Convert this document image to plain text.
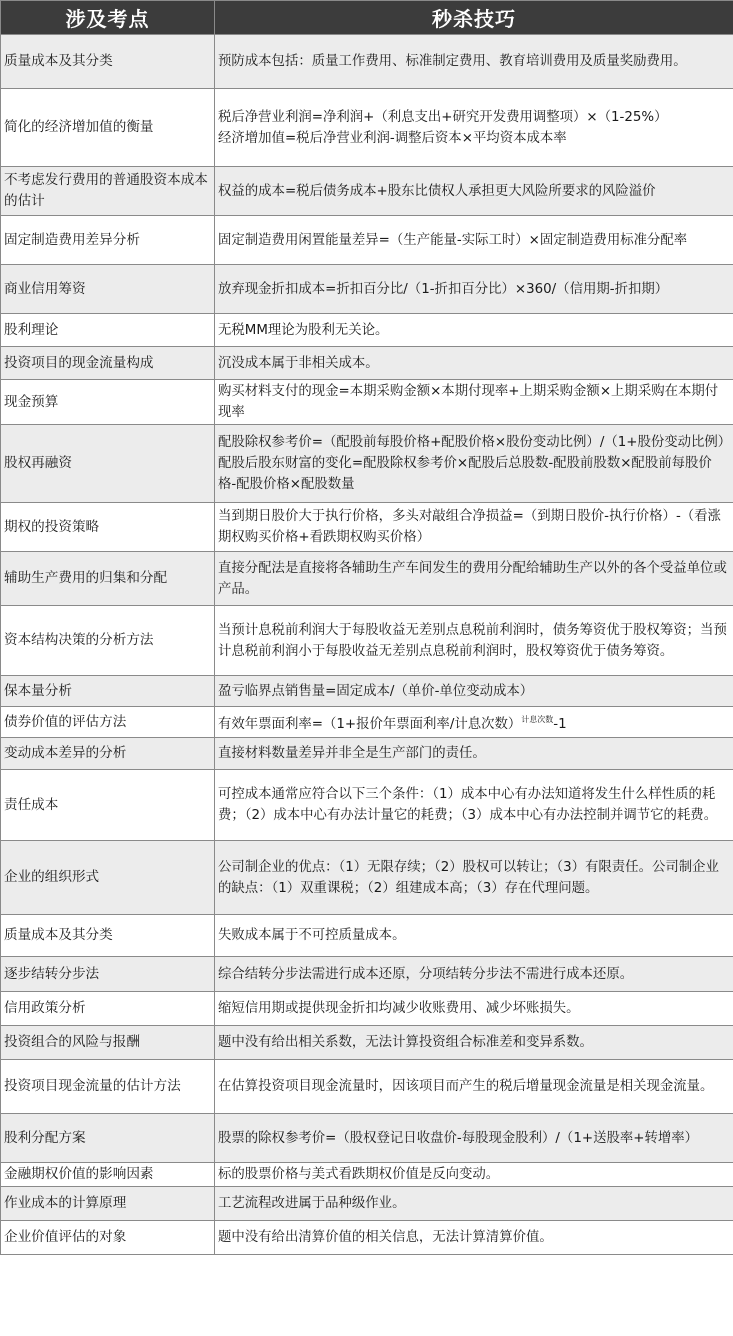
涉及考点	秒杀技巧
质量成本及其分类	预防成本包括：质量工作费用、标准制定费用、教育培训费用及质量奖励费用。

简化的经济增加值的衡量	税后净营业利润=净利润+（利息支出+研究开发费用调整项）×（1-25%）
经济增加值=税后净营业利润-调整后资本×平均资本成本率

不考虑发行费用的普通股资本成本的估计	权益的成本=税后债务成本+股东比债权人承担更大风险所要求的风险溢价

固定制造费用差异分析	固定制造费用闲置能量差异=（生产能量-实际工时）×固定制造费用标准分配率

商业信用筹资	放弃现金折扣成本=折扣百分比/（1-折扣百分比）×360/（信用期-折扣期）

股利理论	无税MM理论为股利无关论。

投资项目的现金流量构成	沉没成本属于非相关成本。

现金预算	购买材料支付的现金=本期采购金额×本期付现率+上期采购金额×上期采购在本期付现率

股权再融资	配股除权参考价=（配股前每股价格+配股价格×股份变动比例）/（1+股份变动比例）
配股后股东财富的变化=配股除权参考价×配股后总股数-配股前股数×配股前每股价格-配股价格×配股数量

期权的投资策略	当到期日股价大于执行价格，多头对敲组合净损益=（到期日股价-执行价格）-（看涨期权购买价格+看跌期权购买价格）

辅助生产费用的归集和分配	直接分配法是直接将各辅助生产车间发生的费用分配给辅助生产以外的各个受益单位或产品。

资本结构决策的分析方法	当预计息税前利润大于每股收益无差别点息税前利润时，债务筹资优于股权筹资；当预计息税前利润小于每股收益无差别点息税前利润时，股权筹资优于债务筹资。

保本量分析	盈亏临界点销售量=固定成本/（单价-单位变动成本）

债券价值的评估方法	有效年票面利率=（1+报价年票面利率/计息次数）$^{计息次数}$-1

变动成本差异的分析	直接材料数量差异并非全是生产部门的责任。

责任成本	可控成本通常应符合以下三个条件：（1）成本中心有办法知道将发生什么样性质的耗费；（2）成本中心有办法计量它的耗费；（3）成本中心有办法控制并调节它的耗费。

企业的组织形式	公司制企业的优点：（1）无限存续；（2）股权可以转让；（3）有限责任。公司制企业的缺点：（1）双重课税；（2）组建成本高；（3）存在代理问题。

质量成本及其分类	失败成本属于不可控质量成本。

逐步结转分步法	综合结转分步法需进行成本还原，分项结转分步法不需进行成本还原。

信用政策分析	缩短信用期或提供现金折扣均减少收账费用、减少坏账损失。

投资组合的风险与报酬	题中没有给出相关系数，无法计算投资组合标准差和变异系数。

投资项目现金流量的估计方法	在估算投资项目现金流量时，因该项目而产生的税后增量现金流量是相关现金流量。

股利分配方案	股票的除权参考价=（股权登记日收盘价-每股现金股利）/（1+送股率+转增率）

金融期权价值的影响因素	标的股票价格与美式看跌期权价值是反向变动。

作业成本的计算原理	工艺流程改进属于品种级作业。

企业价值评估的对象	题中没有给出清算价值的相关信息，无法计算清算价值。
